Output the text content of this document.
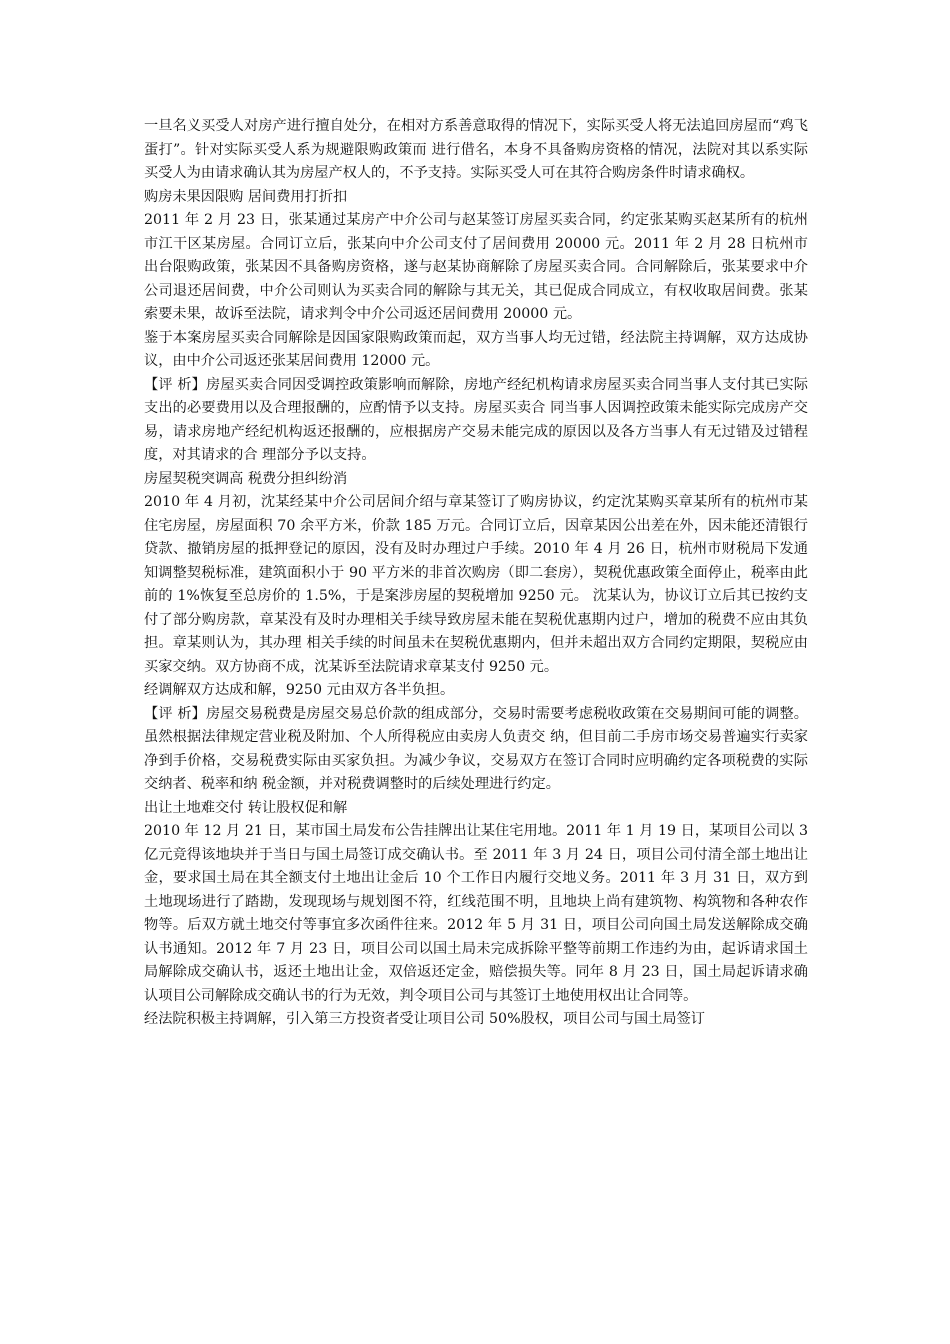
一旦名义买受人对房产进行擅自处分，在相对方系善意取得的情况下，实际买受人将无法追回房屋而“鸡飞蛋打”。针对实际买受人系为规避限购政策而 进行借名，本身不具备购房资格的情况，法院对其以系实际买受人为由请求确认其为房屋产权人的，不予支持。实际买受人可在其符合购房条件时请求确权。

购房未果因限购 居间费用打折扣

2011 年 2 月 23 日，张某通过某房产中介公司与赵某签订房屋买卖合同，约定张某购买赵某所有的杭州市江干区某房屋。合同订立后，张某向中介公司支付了居间费用 20000 元。2011 年 2 月 28 日杭州市出台限购政策，张某因不具备购房资格，遂与赵某协商解除了房屋买卖合同。合同解除后，张某要求中介公司退还居间费，中介公司则认为买卖合同的解除与其无关，其已促成合同成立，有权收取居间费。张某索要未果，故诉至法院，请求判令中介公司返还居间费用 20000 元。

鉴于本案房屋买卖合同解除是因国家限购政策而起，双方当事人均无过错，经法院主持调解，双方达成协议，由中介公司返还张某居间费用 12000 元。

【评 析】房屋买卖合同因受调控政策影响而解除，房地产经纪机构请求房屋买卖合同当事人支付其已实际支出的必要费用以及合理报酬的，应酌情予以支持。房屋买卖合 同当事人因调控政策未能实际完成房产交易，请求房地产经纪机构返还报酬的，应根据房产交易未能完成的原因以及各方当事人有无过错及过错程度，对其请求的合 理部分予以支持。

房屋契税突调高 税费分担纠纷消

2010 年 4 月初，沈某经某中介公司居间介绍与章某签订了购房协议，约定沈某购买章某所有的杭州市某住宅房屋，房屋面积 70 余平方米，价款 185 万元。合同订立后，因章某因公出差在外，因未能还清银行贷款、撤销房屋的抵押登记的原因，没有及时办理过户手续。2010 年 4 月 26 日，杭州市财税局下发通知调整契税标准，建筑面积小于 90 平方米的非首次购房（即二套房），契税优惠政策全面停止，税率由此前的 1%恢复至总房价的 1.5%，于是案涉房屋的契税增加 9250 元。 沈某认为，协议订立后其已按约支付了部分购房款，章某没有及时办理相关手续导致房屋未能在契税优惠期内过户，增加的税费不应由其负担。章某则认为，其办理 相关手续的时间虽未在契税优惠期内，但并未超出双方合同约定期限，契税应由买家交纳。双方协商不成，沈某诉至法院请求章某支付 9250 元。

经调解双方达成和解，9250 元由双方各半负担。

【评 析】房屋交易税费是房屋交易总价款的组成部分，交易时需要考虑税收政策在交易期间可能的调整。虽然根据法律规定营业税及附加、个人所得税应由卖房人负责交 纳，但目前二手房市场交易普遍实行卖家净到手价格，交易税费实际由买家负担。为减少争议，交易双方在签订合同时应明确约定各项税费的实际交纳者、税率和纳 税金额，并对税费调整时的后续处理进行约定。

出让土地难交付 转让股权促和解

2010 年 12 月 21 日，某市国土局发布公告挂牌出让某住宅用地。2011 年 1 月 19 日，某项目公司以 3 亿元竞得该地块并于当日与国土局签订成交确认书。至 2011 年 3 月 24 日，项目公司付清全部土地出让金，要求国土局在其全额支付土地出让金后 10 个工作日内履行交地义务。2011 年 3 月 31 日，双方到土地现场进行了踏勘，发现现场与规划图不符，红线范围不明，且地块上尚有建筑物、构筑物和各种农作物等。后双方就土地交付等事宜多次函件往来。2012 年 5 月 31 日，项目公司向国土局发送解除成交确认书通知。2012 年 7 月 23 日，项目公司以国土局未完成拆除平整等前期工作违约为由，起诉请求国土局解除成交确认书，返还土地出让金，双倍返还定金，赔偿损失等。同年 8 月 23 日，国土局起诉请求确认项目公司解除成交确认书的行为无效，判令项目公司与其签订土地使用权出让合同等。

经法院积极主持调解，引入第三方投资者受让项目公司 50%股权，项目公司与国土局签订
